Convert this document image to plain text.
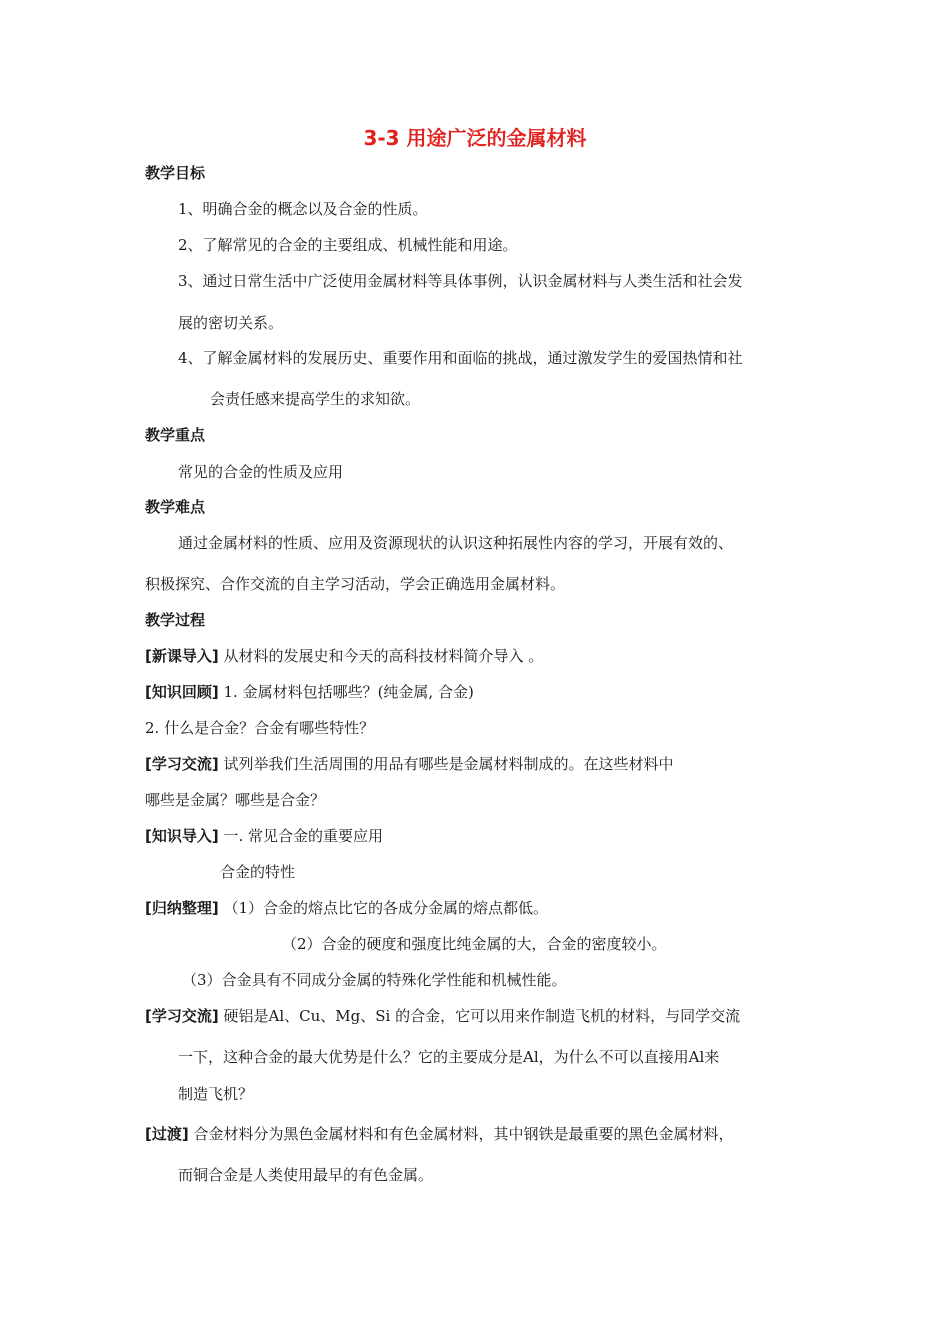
3-3 用途广泛的金属材料
教学目标
1、明确合金的概念以及合金的性质。
2、了解常见的合金的主要组成、机械性能和用途。
3、通过日常生活中广泛使用金属材料等具体事例，认识金属材料与人类生活和社会发
展的密切关系。
4、了解金属材料的发展历史、重要作用和面临的挑战，通过激发学生的爱国热情和社
会责任感来提高学生的求知欲。
教学重点
常见的合金的性质及应用
教学难点
通过金属材料的性质、应用及资源现状的认识这种拓展性内容的学习，开展有效的、
积极探究、合作交流的自主学习活动，学会正确选用金属材料。
教学过程
[新课导入] 从材料的发展史和今天的高科技材料简介导入 。
[知识回顾] 1. 金属材料包括哪些？(纯金属, 合金)
2. 什么是合金？合金有哪些特性？
[学习交流] 试列举我们生活周围的用品有哪些是金属材料制成的。在这些材料中
哪些是金属？哪些是合金？
[知识导入] 一. 常见合金的重要应用
合金的特性
[归纳整理] （1）合金的熔点比它的各成分金属的熔点都低。
（2）合金的硬度和强度比纯金属的大，合金的密度较小。
（3）合金具有不同成分金属的特殊化学性能和机械性能。
[学习交流] 硬铝是Al、Cu、Mg、Si 的合金，它可以用来作制造飞机的材料，与同学交流
一下，这种合金的最大优势是什么？它的主要成分是Al，为什么不可以直接用Al来
制造飞机？
[过渡] 合金材料分为黑色金属材料和有色金属材料，其中钢铁是最重要的黑色金属材料，
而铜合金是人类使用最早的有色金属。
